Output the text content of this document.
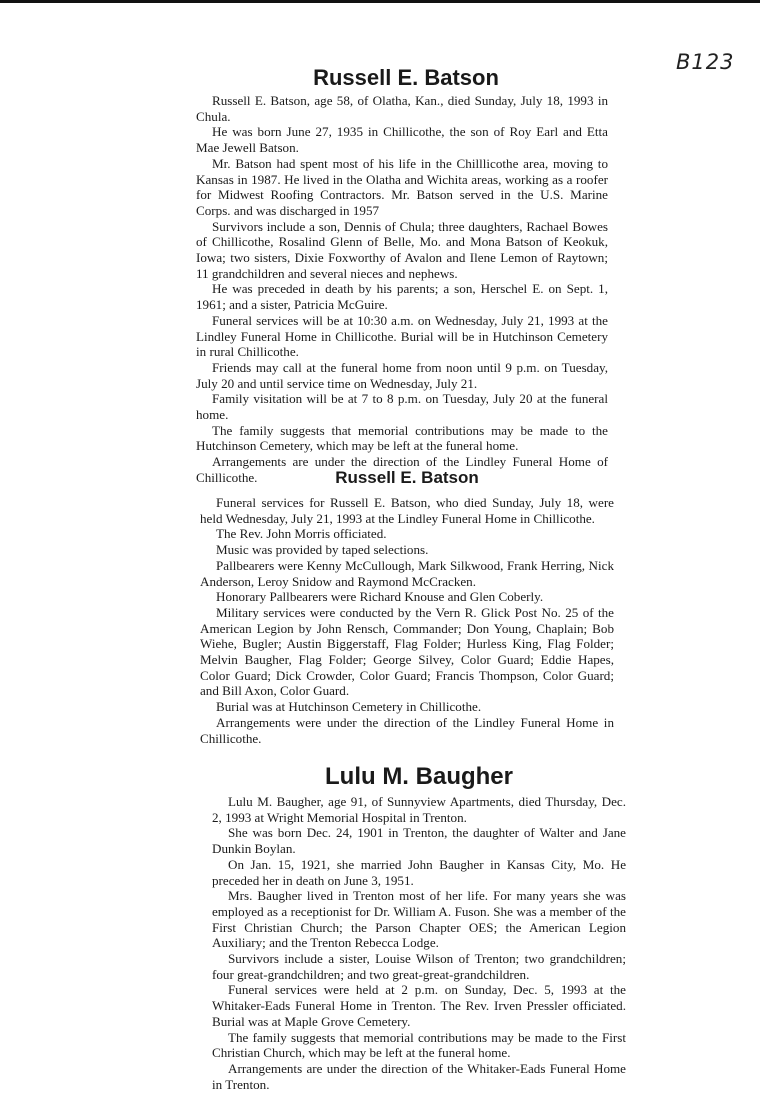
B123
Russell E. Batson

Russell E. Batson, age 58, of Olatha, Kan., died Sunday, July 18, 1993 in Chula.

He was born June 27, 1935 in Chillicothe, the son of Roy Earl and Etta Mae Jewell Batson.

Mr. Batson had spent most of his life in the Chilllicothe area, moving to Kansas in 1987. He lived in the Olatha and Wichita areas, working as a roofer for Midwest Roofing Contractors. Mr. Batson served in the U.S. Marine Corps. and was discharged in 1957

Survivors include a son, Dennis of Chula; three daughters, Rachael Bowes of Chillicothe, Rosalind Glenn of Belle, Mo. and Mona Batson of Keokuk, Iowa; two sisters, Dixie Foxworthy of Avalon and Ilene Lemon of Raytown; 11 grandchildren and several nieces and nephews.

He was preceded in death by his parents; a son, Herschel E. on Sept. 1, 1961; and a sister, Patricia McGuire.

Funeral services will be at 10:30 a.m. on Wednesday, July 21, 1993 at the Lindley Funeral Home in Chillicothe. Burial will be in Hutchinson Cemetery in rural Chillicothe.

Friends may call at the funeral home from noon until 9 p.m. on Tuesday, July 20 and until service time on Wednesday, July 21.

Family visitation will be at 7 to 8 p.m. on Tuesday, July 20 at the funeral home.

The family suggests that memorial contributions may be made to the Hutchinson Cemetery, which may be left at the funeral home.

Arrangements are under the direction of the Lindley Funeral Home of Chillicothe.	Russell E. Batson

Funeral services for Russell E. Batson, who died Sunday, July 18, were held Wednesday, July 21, 1993 at the Lindley Funeral Home in Chillicothe.

The Rev. John Morris officiated.

Music was provided by taped selections.

Pallbearers were Kenny McCullough, Mark Silkwood, Frank Herring, Nick Anderson, Leroy Snidow and Raymond McCracken.

Honorary Pallbearers were Richard Knouse and Glen Coberly.

Military services were conducted by the Vern R. Glick Post No. 25 of the American Legion by John Rensch, Commander; Don Young, Chaplain; Bob Wiehe, Bugler; Austin Biggerstaff, Flag Folder; Hurless King, Flag Folder; Melvin Baugher, Flag Folder; George Silvey, Color Guard; Eddie Hapes, Color Guard; Dick Crowder, Color Guard; Francis Thompson, Color Guard; and Bill Axon, Color Guard.

Burial was at Hutchinson Cemetery in Chillicothe.

Arrangements were under the direction of the Lindley Funeral Home in Chillicothe.

Lulu M. Baugher

Lulu M. Baugher, age 91, of Sunnyview Apartments, died Thursday, Dec. 2, 1993 at Wright Memorial Hospital in Trenton.

She was born Dec. 24, 1901 in Trenton, the daughter of Walter and Jane Dunkin Boylan.

On Jan. 15, 1921, she married John Baugher in Kansas City, Mo. He preceded her in death on June 3, 1951.

Mrs. Baugher lived in Trenton most of her life. For many years she was employed as a receptionist for Dr. William A. Fuson. She was a member of the First Christian Church; the Parson Chapter OES; the American Legion Auxiliary; and the Trenton Rebecca Lodge.

Survivors include a sister, Louise Wilson of Trenton; two grandchildren; four great-grandchildren; and two great-great-grandchildren.

Funeral services were held at 2 p.m. on Sunday, Dec. 5, 1993 at the Whitaker-Eads Funeral Home in Trenton. The Rev. Irven Pressler officiated. Burial was at Maple Grove Cemetery.

The family suggests that memorial contributions may be made to the First Christian Church, which may be left at the funeral home.

Arrangements are under the direction of the Whitaker-Eads Funeral Home in Trenton.
